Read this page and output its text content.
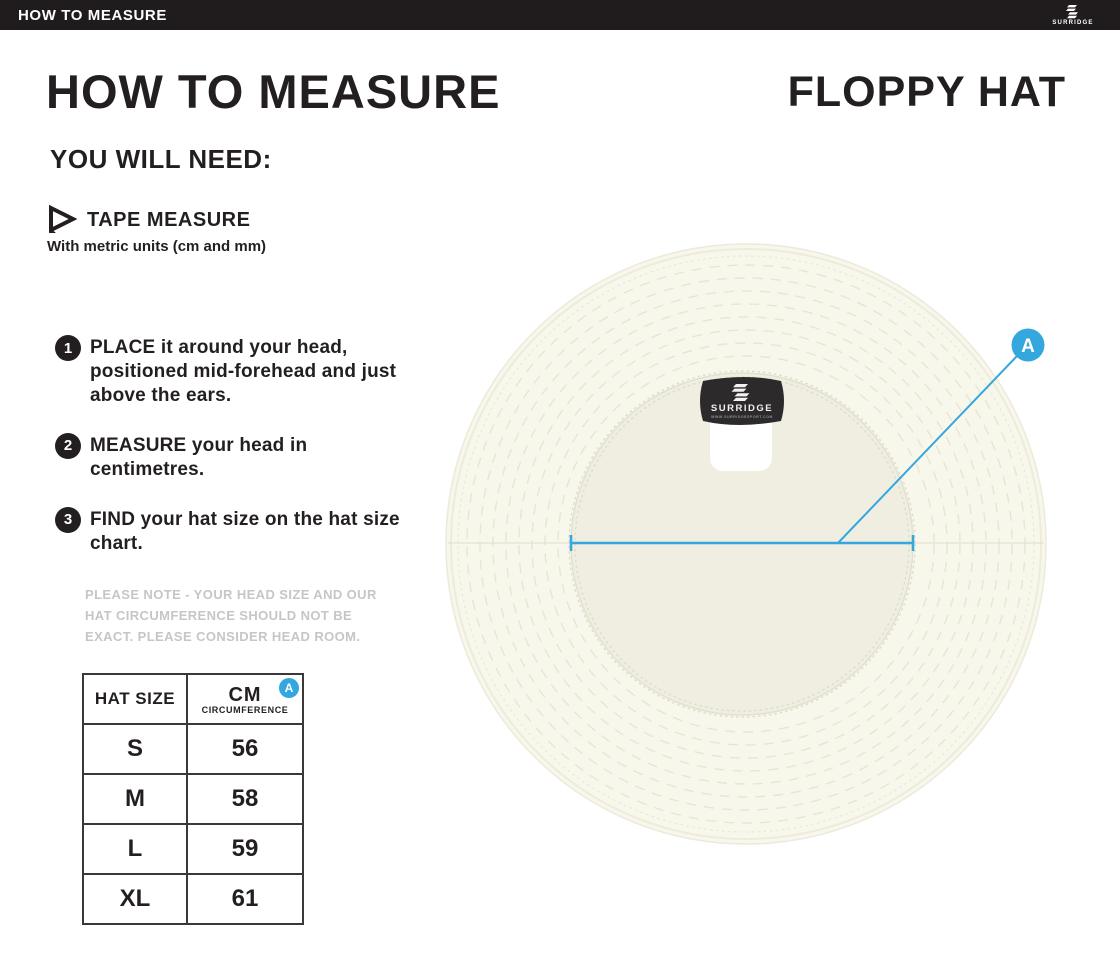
HOW TO MEASURE	SURRIDGE
HOW TO MEASURE	FLOPPY HAT
YOU WILL NEED:
TAPE MEASURE
With metric units (cm and mm)
1 PLACE it around your head, positioned mid-forehead and just above the ears.
2 MEASURE your head in centimetres.
3 FIND your hat size on the hat size chart.
PLEASE NOTE - YOUR HEAD SIZE AND OUR HAT CIRCUMFERENCE SHOULD NOT BE EXACT. PLEASE CONSIDER HEAD ROOM.
HAT SIZE	CM
CIRCUMFERENCE
A

S	56
M	58
L	59
XL	61
SURRIDGE
WWW.SURRIDGESPORT.COM
A
